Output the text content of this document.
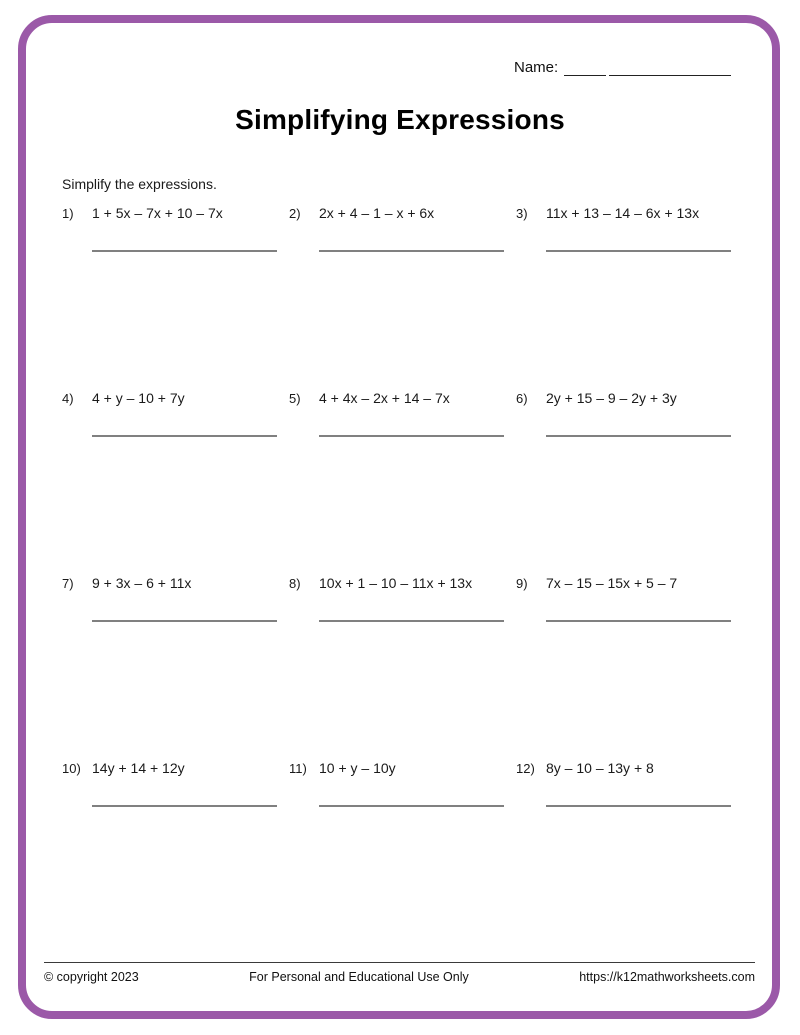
Name:
Simplifying Expressions
Simplify the expressions.
1)	1 + 5x – 7x + 10 – 7x	2)	2x + 4 – 1 – x + 6x	3)	11x + 13 – 14 – 6x + 13x
4)	4 + y – 10 + 7y	5)	4 + 4x – 2x + 14 – 7x	6)	2y + 15 – 9 – 2y + 3y
7)	9 + 3x – 6 + 11x	8)	10x + 1 – 10 – 11x + 13x	9)	7x – 15 – 15x + 5 – 7
10) 14y + 14 + 12y	11) 10 + y – 10y	12) 8y – 10 – 13y + 8
© copyright 2023	For Personal and Educational Use Only	https://k12mathworksheets.com
